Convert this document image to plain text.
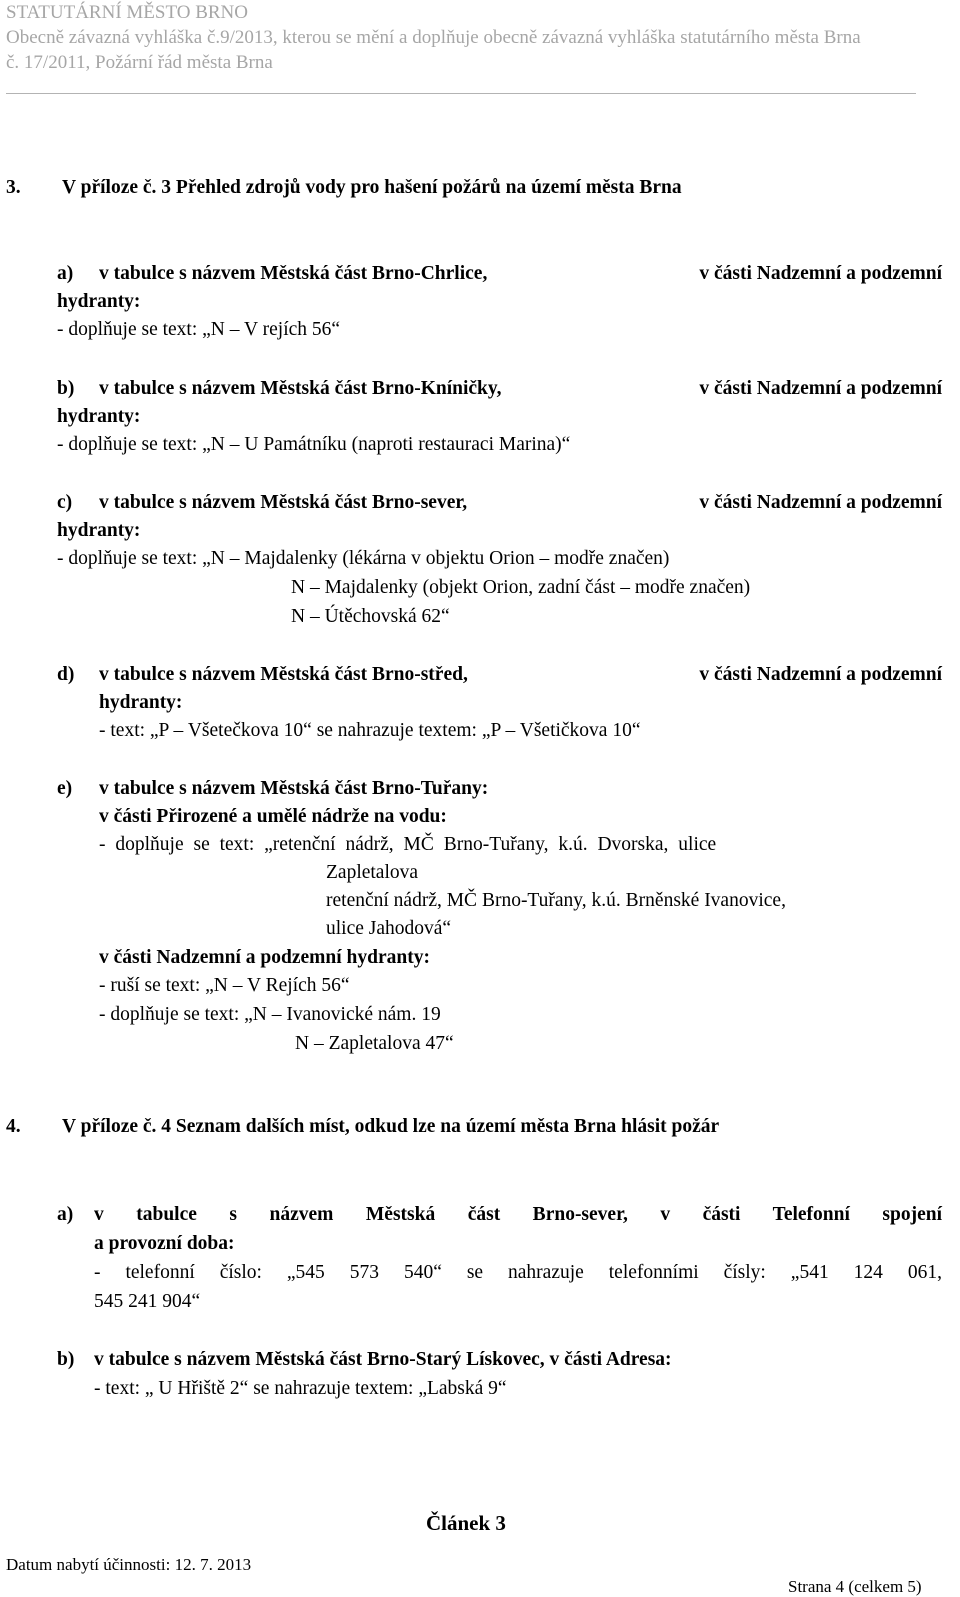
STATUTÁRNÍ MĚSTO BRNO
Obecně závazná vyhláška č.9/2013, kterou se mění a doplňuje obecně závazná vyhláška statutárního města Brna
č. 17/2011, Požární řád města Brna
3. V příloze č. 3 Přehled zdrojů vody pro hašení požárů na území města Brna
a) v tabulce s názvem Městská část Brno-Chrlice,	v části Nadzemní a podzemní
hydranty:
- doplňuje se text: „N – V rejích 56“
b) v tabulce s názvem Městská část Brno-Kníničky,	v části Nadzemní a podzemní
hydranty:
- doplňuje se text: „N – U Památníku (naproti restauraci Marina)“
c) v tabulce s názvem Městská část Brno-sever,	v části Nadzemní a podzemní
hydranty:
- doplňuje se text: „N – Majdalenky (lékárna v objektu Orion – modře značen)
N – Majdalenky (objekt Orion, zadní část – modře značen)
N – Útěchovská 62“
d) v tabulce s názvem Městská část Brno-střed,	v části Nadzemní a podzemní
hydranty:
- text: „P – Všetečkova 10“ se nahrazuje textem: „P – Všetičkova 10“
e) v tabulce s názvem Městská část Brno-Tuřany:
v části Přirozené a umělé nádrže na vodu:
- doplňuje se text: „retenční nádrž, MČ Brno-Tuřany, k.ú. Dvorska, ulice
Zapletalova
retenční nádrž, MČ Brno-Tuřany, k.ú. Brněnské Ivanovice,
ulice Jahodová“
v části Nadzemní a podzemní hydranty:
- ruší se text: „N – V Rejích 56“
- doplňuje se text: „N – Ivanovické nám. 19
N – Zapletalova 47“
4. V příloze č. 4 Seznam dalších míst, odkud lze na území města Brna hlásit požár
a) v tabulce s názvem Městská část Brno-sever, v části Telefonní spojení
a provozní doba:
- telefonní číslo: „545 573 540“ se nahrazuje telefonními čísly: „541 124 061,
545 241 904“
b) v tabulce s názvem Městská část Brno-Starý Lískovec, v části Adresa:
- text: „ U Hřiště 2“ se nahrazuje textem: „Labská 9“
Článek 3
Datum nabytí účinnosti: 12. 7. 2013
Strana 4 (celkem 5)
